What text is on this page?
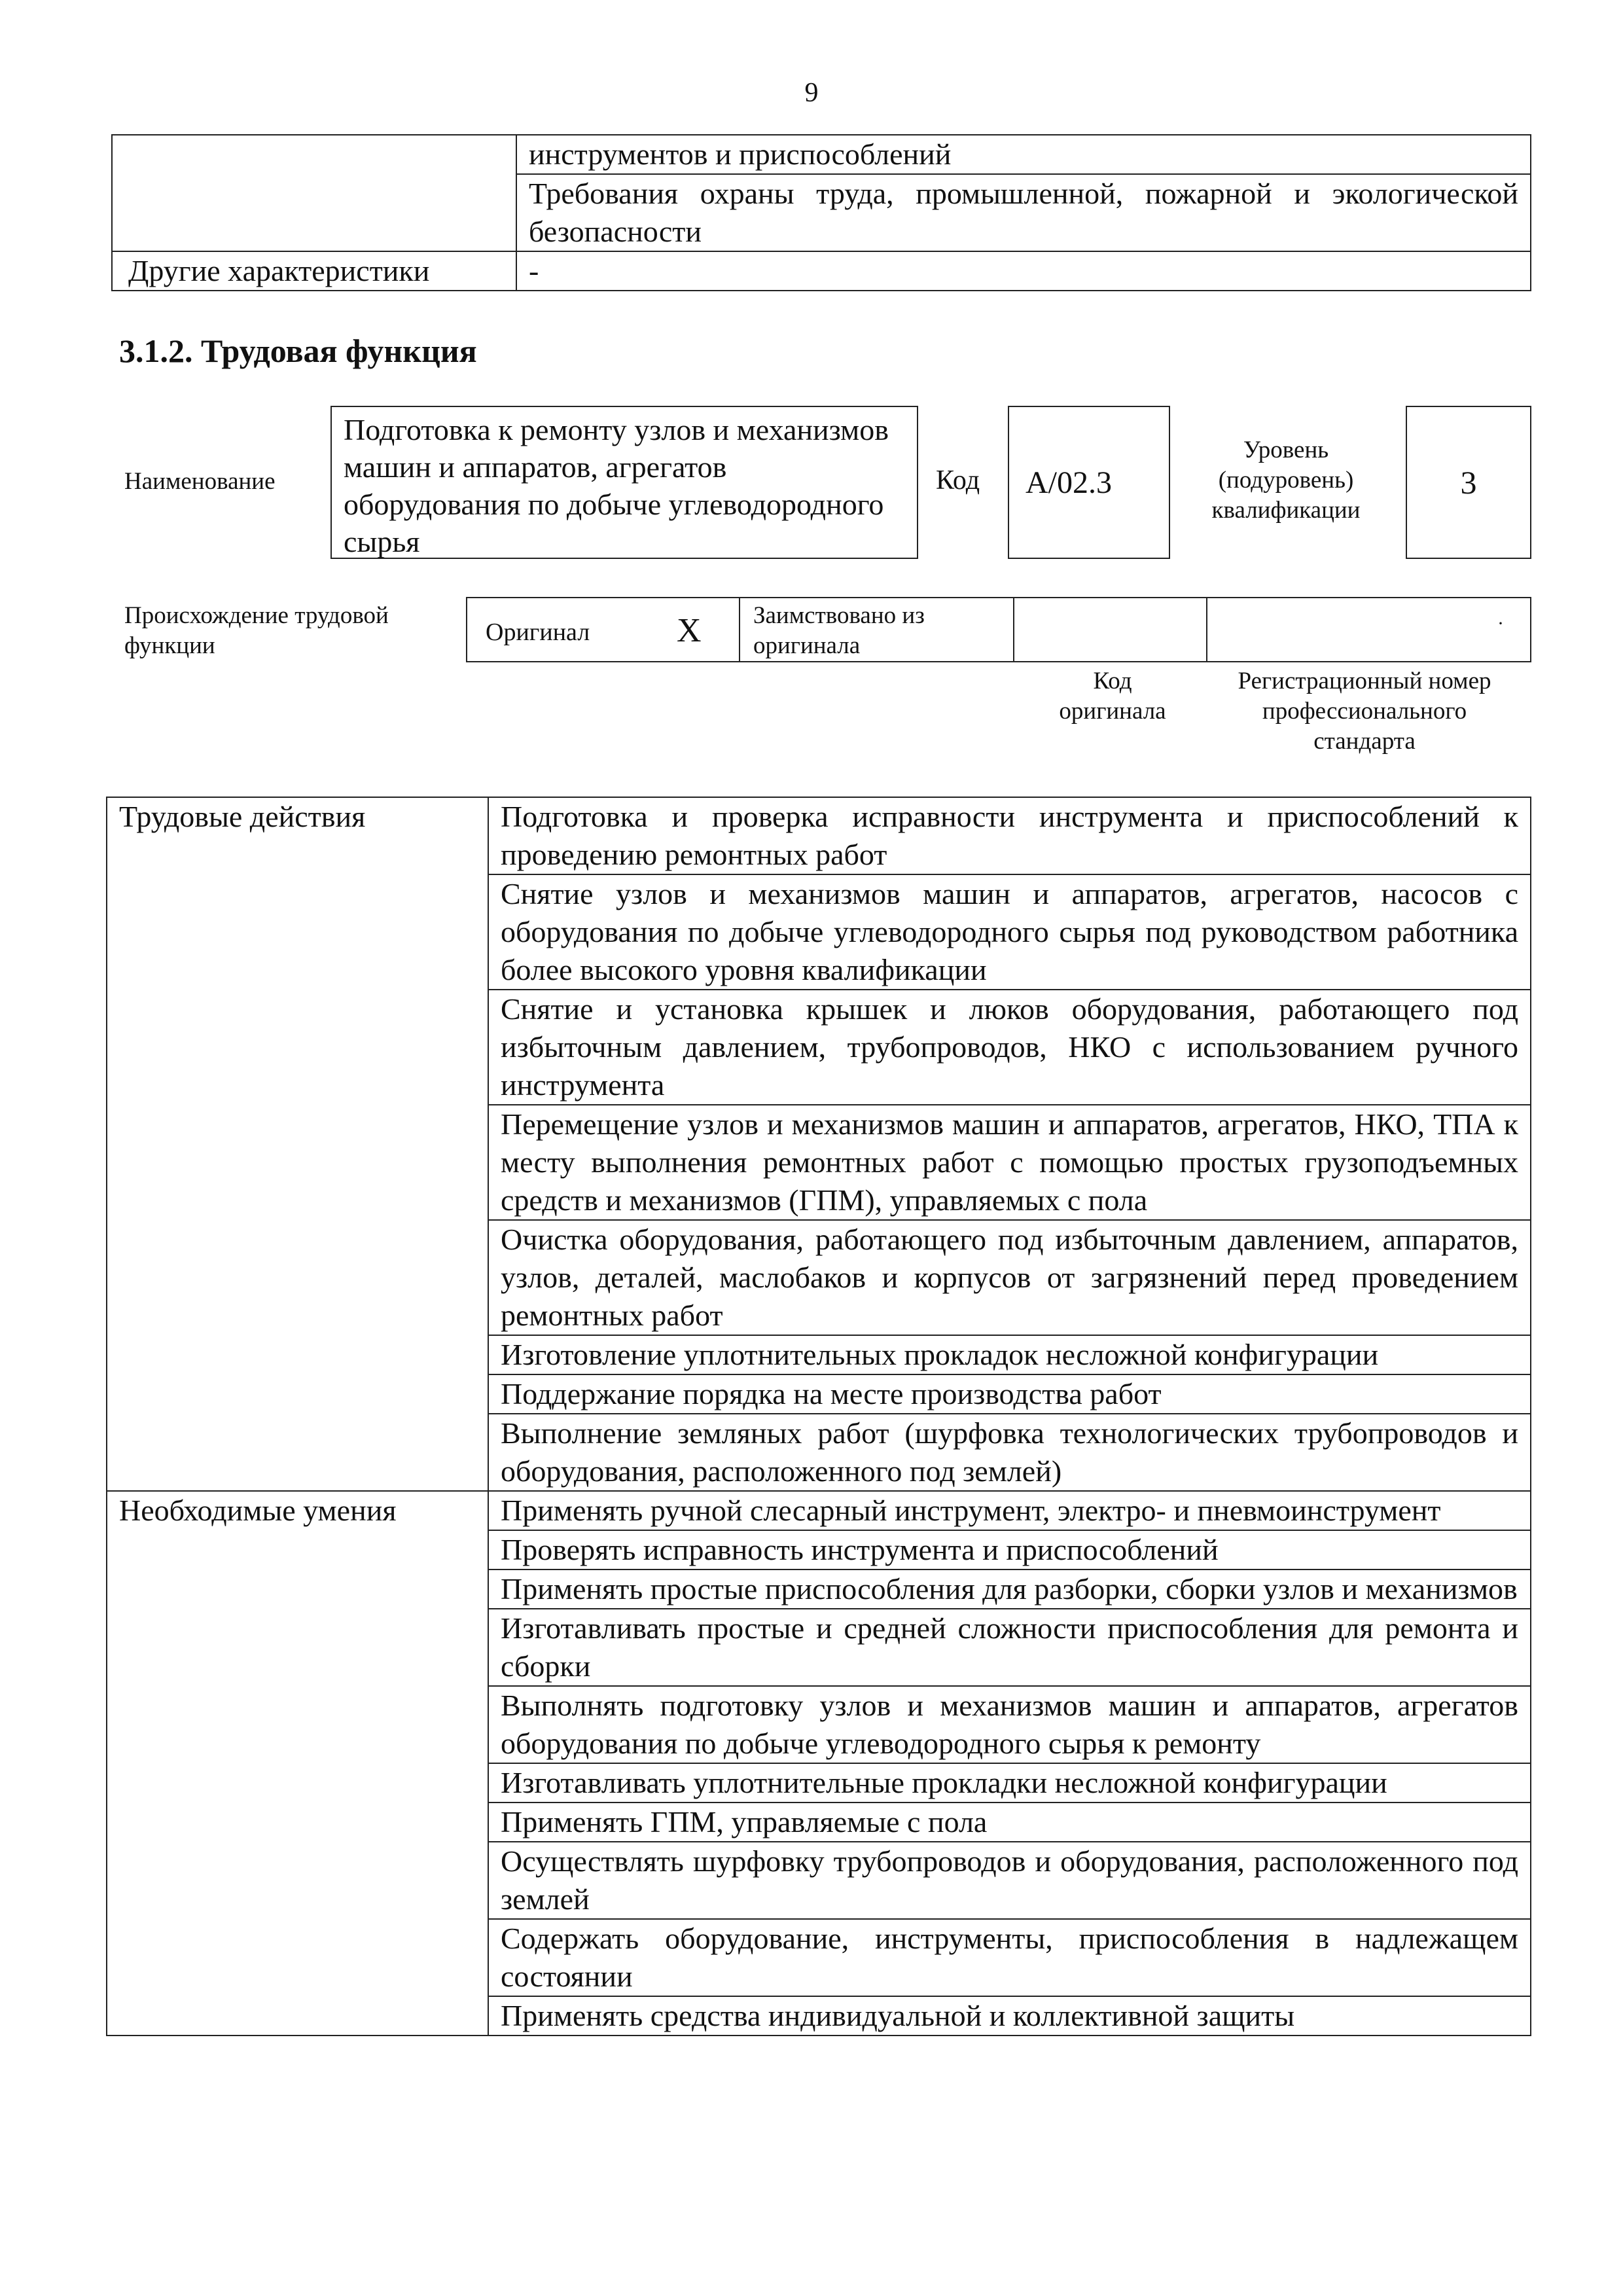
9
	инструментов и приспособлений
	Требования охраны труда, промышленной, пожарной и экологической безопасности
Другие характеристики	-
3.1.2. Трудовая функция
Наименование
Подготовка к ремонту узлов и механизмов машин и аппаратов, агрегатов оборудования по добыче углеводородного сырья
Код	А/02.3
Уровень (подуровень) квалификации
3
Происхождение трудовой функции	Оригинал	X	Заимствовано из оригинала
·
Код оригинала
Регистрационный номер профессионального стандарта
Трудовые действия	Подготовка и проверка исправности инструмента и приспособлений к проведению ремонтных работ
	Снятие узлов и механизмов машин и аппаратов, агрегатов, насосов с оборудования по добыче углеводородного сырья под руководством работника более высокого уровня квалификации
	Снятие и установка крышек и люков оборудования, работающего под избыточным давлением, трубопроводов, НКО с использованием ручного инструмента
	Перемещение узлов и механизмов машин и аппаратов, агрегатов, НКО, ТПА к месту выполнения ремонтных работ с помощью простых грузоподъемных средств и механизмов (ГПМ), управляемых с пола
	Очистка оборудования, работающего под избыточным давлением, аппаратов, узлов, деталей, маслобаков и корпусов от загрязнений перед проведением ремонтных работ
	Изготовление уплотнительных прокладок несложной конфигурации
	Поддержание порядка на месте производства работ
	Выполнение земляных работ (шурфовка технологических трубопроводов и оборудования, расположенного под землей)
Необходимые умения	Применять ручной слесарный инструмент, электро- и пневмоинструмент
	Проверять исправность инструмента и приспособлений
	Применять простые приспособления для разборки, сборки узлов и механизмов
	Изготавливать простые и средней сложности приспособления для ремонта и сборки
	Выполнять подготовку узлов и механизмов машин и аппаратов, агрегатов оборудования по добыче углеводородного сырья к ремонту
	Изготавливать уплотнительные прокладки несложной конфигурации
	Применять ГПМ, управляемые с пола
	Осуществлять шурфовку трубопроводов и оборудования, расположенного под землей
	Содержать оборудование, инструменты, приспособления в надлежащем состоянии
	Применять средства индивидуальной и коллективной защиты
